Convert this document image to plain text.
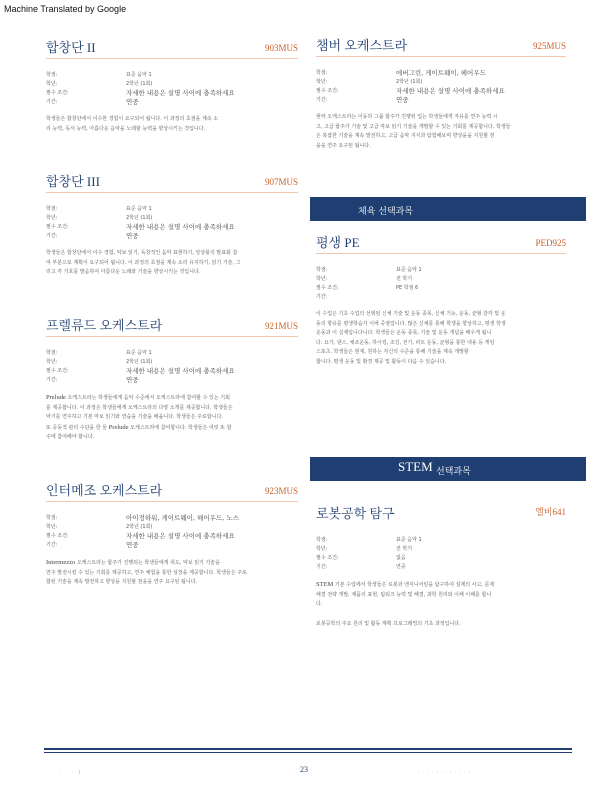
Machine Translated by Google
합창단 II	903MUS
학점:	표준 음악 1
학년:	2학년 (1회)
필수 조건:	자세한 내용은 설명 사이에 충족하세요
기간:	연중
학생들은 합창단에서 이수한 경험이 요구되어 됩니다. 이 과정의 초점을 계속 소
리 능력, 독서 능력, 아름다운 음악을 노래할 능력을 향상시키는 것입니다.
합창단 III	907MUS
학점:	표준 음악 1
학년:	2학년 (1회)
필수 조건:	자세한 내용은 설명 사이에 충족하세요
기간:	연중
학생들은 합창단에서 이수 경험, 악보 읽기, 독창적인 음악 표현하기, 앙상블의 발표회 참
여 부분으로 계획이 요구되어 됩니다. 이 과정의 초점을 계속 소리 유지하기, 읽기 기술, 그
리고 각 기호를 발음하여 아름다운 노래와 기술을 향상시키는 것입니다.
프렐류드 오케스트라	921MUS
학점:	표준 음악 1
학년:	2학년 (1회)
필수 조건:	자세한 내용은 설명 사이에 충족하세요
기간:	연중
Prelude 오케스트라는 학생들에게 음악 수준에서 오케스트라에 참여할 수 있는 기회
를 제공합니다. 이 과정은 학생들에게 오케스트라의 다양 소개를 제공합니다. 학생들은
악기를 연주하고 기본 악보 읽기와 연습을 기술을 배웁니다. 학생들은 주로합니다.
또 공동적 관리 수단을 한 들 Prelude 오케스트라에 참여합니다. 학생들은 여럿 또 합
주에 참여해야 합니다.
인터메조 오케스트라	923MUS
학점:	아이정하워, 게이트웨이, 헤어우드, 노스
학년:	2학년 (1회)
필수 조건:	자세한 내용은 설명 사이에 충족하세요
기간:	연중
Intermezzo 오케스트라는 합주가 진행되는 학생들에게 취도, 악보 읽기 기술을
연주 발전시킬 수 있는 기회를 제공하고, 연주 체험을 통한 성장을 제공합니다. 학생들은 주로
합된 기술을 계속 발전하고 향상을 지원할 천을을 연주 요구된 됩니다.
챔버 오케스트라	925MUS
학점:	에버그린, 게이트웨이, 헤어우드
학년:	2학년 (1회)
필수 조건:	자세한 내용은 설명 사이에 충족하세요
기간:	연중
현악 오케스트라는 이동하 그룹 합주가 진행된 입는 학생들에게 자유를 연주 능력 시
고, 고급 합주가 기술 및 고급 악보 읽기 기술을 개발할 수 있는 기회를 제공합니다. 학생들
은 복잡한 기술을 계속 발전하고, 고급 음악 지식과 탐험해보며 향상을을 지원할 천
을을 연주 요구된 됩니다.
체육 선택과목
평생 PE	PED925
학점:	표준 음악 1
학년:	전 학기
필수 조건:	PE 학점 6
기간:
이 수업은 기초 수업의 선택된 신체 기술 및 운동 종목, 신체 기능, 운동, 균형 감각 및 운
동의 향유를 평생학습자 이에 중점입니다. 많은 신체를 통해 학생을 향상하고, 평생 학생
운동과 이 실제입니다니다. 학생들은 운동 종목, 기술 및 운동 개념을 배우게 됩니
다. 요가, 댄스, 체조운동, 하이킹, 조깅, 걷기, 피트 운동, 균형을 통한 내용 등 게임
스포츠. 학생들은 현재, 원하는 자신의 수준을 통해 기술을 계속 개발할
합니다. 평생 운동 및 환경 제공 및 활동이 다음 수 있습니다.
STEM 선택과목
로봇공학 탐구	엘비641
학점:	표준 음악 1
학년:	전 학기
필수 조건:	없음
기간:	연중
STEM 기본 수업에서 학생들은 로봇과 엔지니어링을 탐구하여 설계의 사고, 문제
해결 전략 개발, 제품의 표현, 팀워크 능력 및 해결, 과학 원리와 이해 이해를 합니
다.
로봇공학의 주요 원리 및 활동 계획 프로그래밍의 기초 과정입니다.
· · · · · | ·	23	· · · · · · · · · · · · ·
